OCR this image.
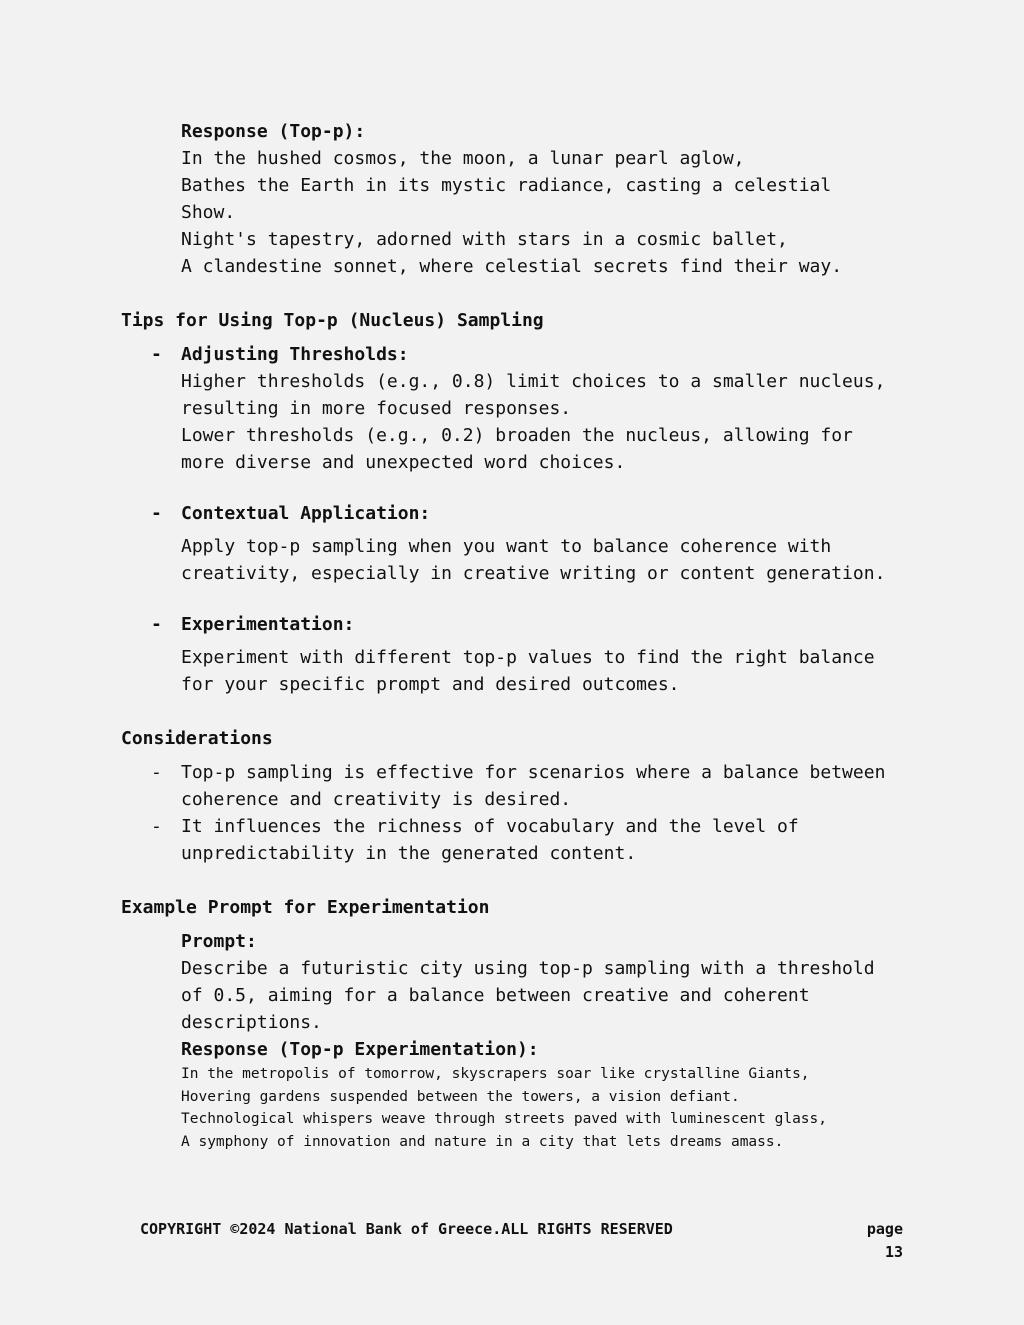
Response (Top-p):
In the hushed cosmos, the moon, a lunar pearl aglow,
Bathes the Earth in its mystic radiance, casting a celestial
Show.
Night's tapestry, adorned with stars in a cosmic ballet,
A clandestine sonnet, where celestial secrets find their way.
Tips for Using Top-p (Nucleus) Sampling
- Adjusting Thresholds:
Higher thresholds (e.g., 0.8) limit choices to a smaller nucleus,
resulting in more focused responses.
Lower thresholds (e.g., 0.2) broaden the nucleus, allowing for
more diverse and unexpected word choices.
- Contextual Application:
Apply top-p sampling when you want to balance coherence with
creativity, especially in creative writing or content generation.
- Experimentation:
Experiment with different top-p values to find the right balance
for your specific prompt and desired outcomes.
Considerations
- Top-p sampling is effective for scenarios where a balance between
coherence and creativity is desired.
- It influences the richness of vocabulary and the level of
unpredictability in the generated content.
Example Prompt for Experimentation
Prompt:
Describe a futuristic city using top-p sampling with a threshold
of 0.5, aiming for a balance between creative and coherent
descriptions.
Response (Top-p Experimentation):
In the metropolis of tomorrow, skyscrapers soar like crystalline Giants,
Hovering gardens suspended between the towers, a vision defiant.
Technological whispers weave through streets paved with luminescent glass,
A symphony of innovation and nature in a city that lets dreams amass.
COPYRIGHT ©2024 National Bank of Greece.ALL RIGHTS RESERVED	page
13
